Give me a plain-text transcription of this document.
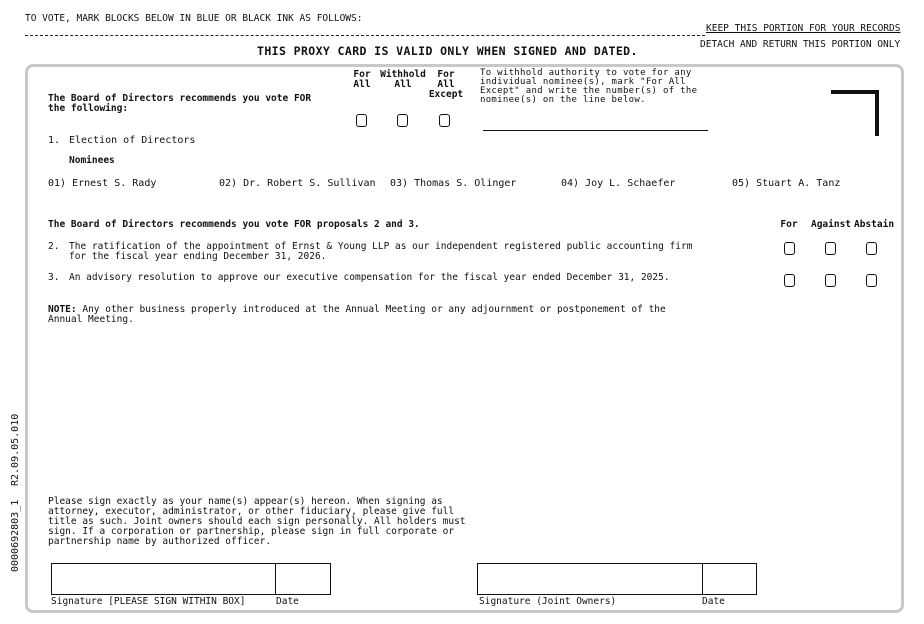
TO VOTE, MARK BLOCKS BELOW IN BLUE OR BLACK INK AS FOLLOWS:
KEEP THIS PORTION FOR YOUR RECORDS
DETACH AND RETURN THIS PORTION ONLY
THIS PROXY CARD IS VALID ONLY WHEN SIGNED AND DATED.
0000692803_1
R2.09.05.010
The Board of Directors recommends you vote FOR
the following:
For
All
Withhold
All
For All
Except
To withhold authority to vote for any
individual nominee(s), mark "For All
Except" and write the number(s) of the
nominee(s) on the line below.
1. Election of Directors
Nominees
01) Ernest S. Rady	02) Dr. Robert S. Sullivan 03) Thomas S. Olinger	04) Joy L. Schaefer	05) Stuart A. Tanz
The Board of Directors recommends you vote FOR proposals 2 and 3.	For Against Abstain
2. The ratification of the appointment of Ernst & Young LLP as our independent registered public accounting firm
for the fiscal year ending December 31, 2026.
3. An advisory resolution to approve our executive compensation for the fiscal year ended December 31, 2025.
NOTE: Any other business properly introduced at the Annual Meeting or any adjournment or postponement of the
Annual Meeting.
Please sign exactly as your name(s) appear(s) hereon. When signing as
attorney, executor, administrator, or other fiduciary, please give full
title as such. Joint owners should each sign personally. All holders must
sign. If a corporation or partnership, please sign in full corporate or
partnership name by authorized officer.
Signature [PLEASE SIGN WITHIN BOX]	Date	Signature (Joint Owners)	Date
